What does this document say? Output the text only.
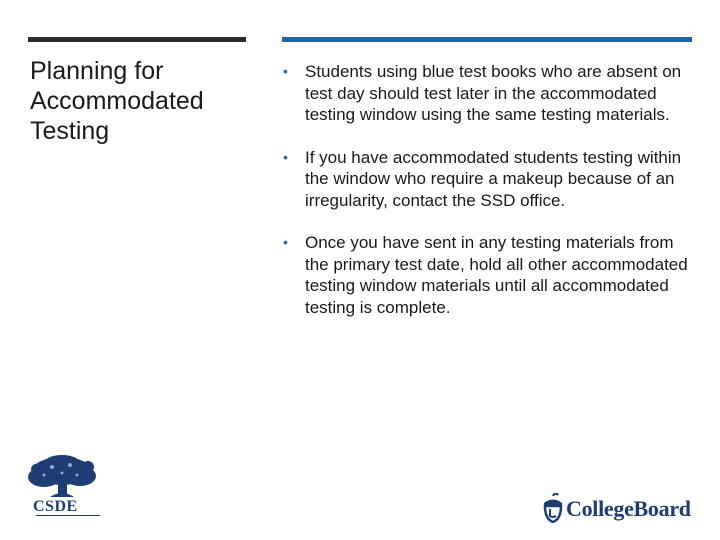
Planning for Accommodated Testing
•	Students using blue test books who are absent on test day should test later in the accommodated testing window using the same testing materials.
•	If you have accommodated students testing within the window who require a makeup because of an irregularity, contact the SSD office.
•	Once you have sent in any testing materials from the primary test date, hold all other accommodated testing window materials until all accommodated testing is complete.
CSDE	CollegeBoard
